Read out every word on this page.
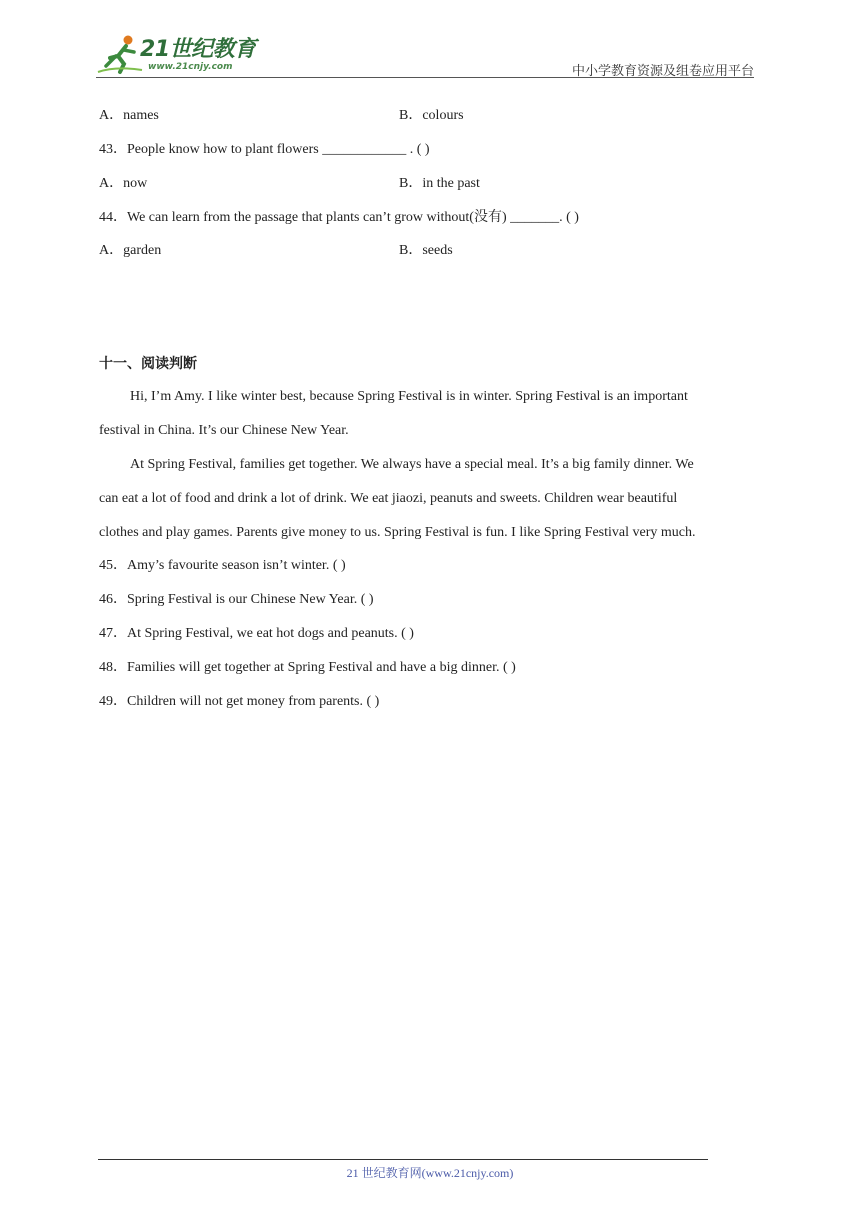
21世纪教育
www.21cnjy.com	中小学教育资源及组卷应用平台
A．names	B．colours
43．People know how to plant flowers ____________ . ( )
A．now	B．in the past
44．We can learn from the passage that plants can’t grow without(没有) _______. ( )
A．garden	B．seeds
十一、阅读判断
Hi, I’m Amy. I like winter best, because Spring Festival is in winter. Spring Festival is an important
festival in China. It’s our Chinese New Year.
At Spring Festival, families get together. We always have a special meal. It’s a big family dinner. We
can eat a lot of food and drink a lot of drink. We eat jiaozi, peanuts and sweets. Children wear beautiful
clothes and play games. Parents give money to us. Spring Festival is fun. I like Spring Festival very much.
45．Amy’s favourite season isn’t winter. ( )
46．Spring Festival is our Chinese New Year. ( )
47．At Spring Festival, we eat hot dogs and peanuts. ( )
48．Families will get together at Spring Festival and have a big dinner. ( )
49．Children will not get money from parents. ( )
21 世纪教育网(www.21cnjy.com)
